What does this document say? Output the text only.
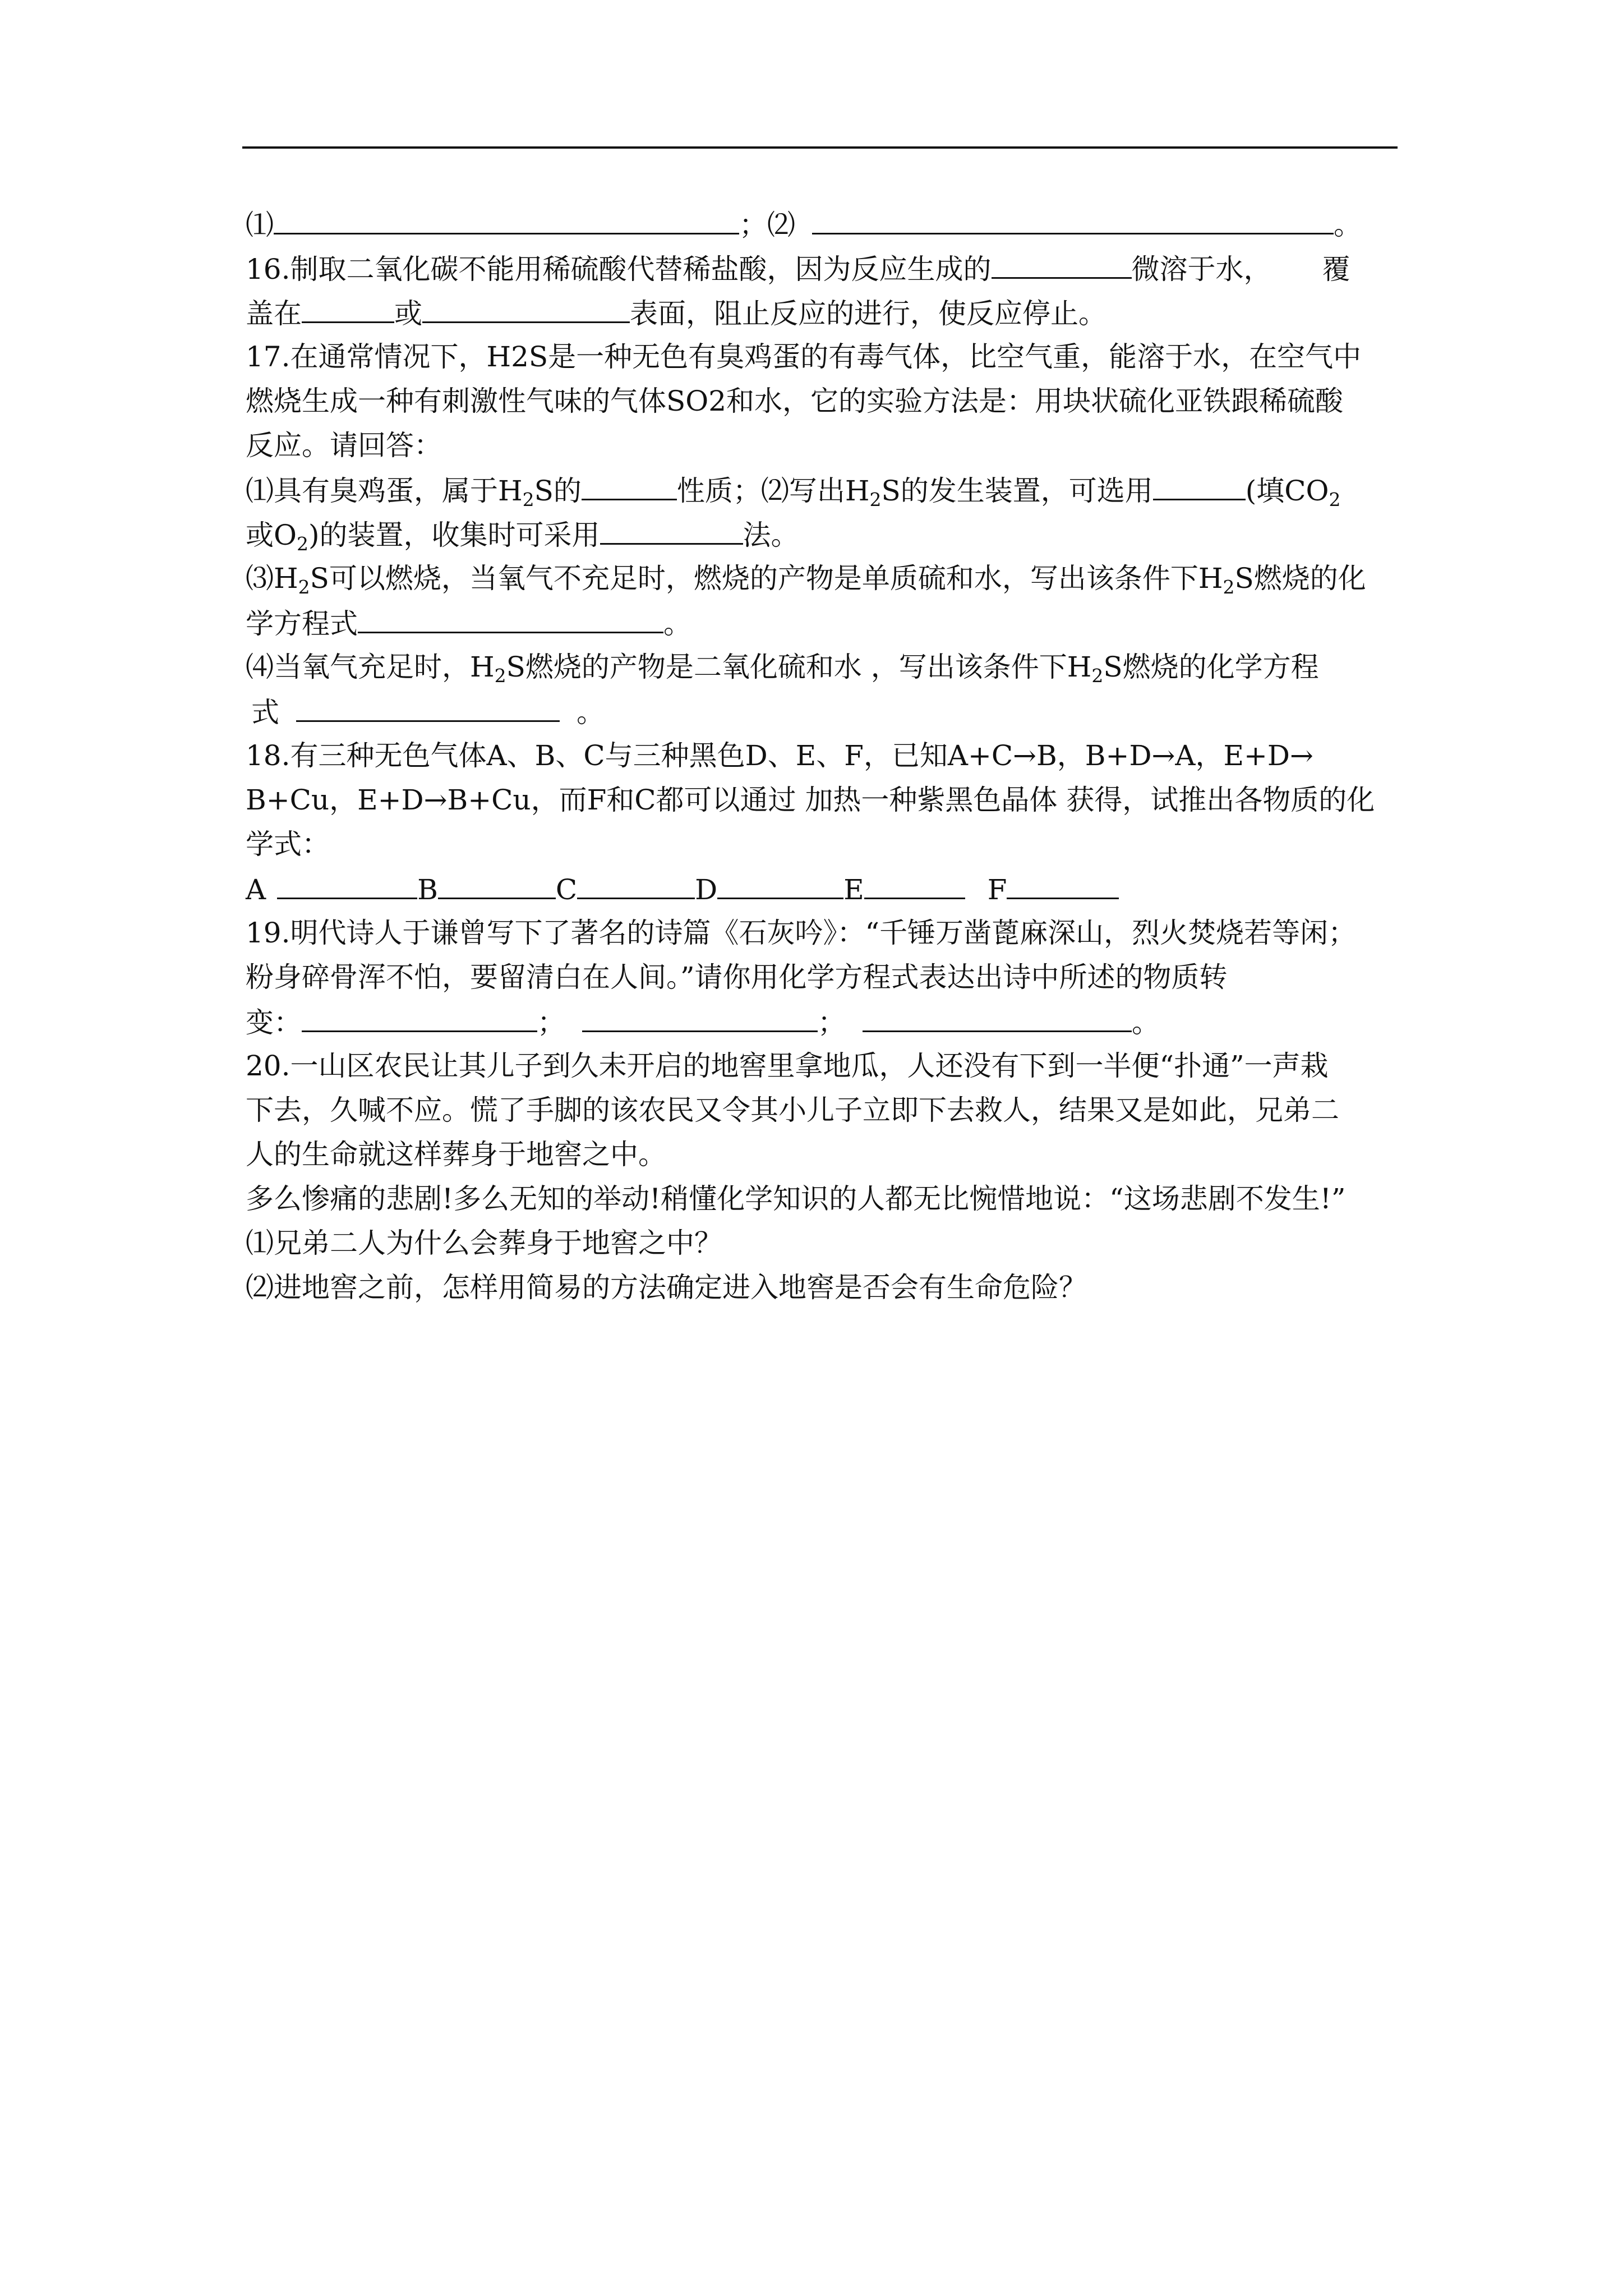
⑴	；⑵	。
16.制取二氧化碳不能用稀硫酸代替稀盐酸，因为反应生成的	微溶于水， 覆
盖在	或	表面，阻止反应的进行，使反应停止。
17.在通常情况下，H2S是一种无色有臭鸡蛋的有毒气体，比空气重，能溶于水，在空气中
燃烧生成一种有刺激性气味的气体SO2和水，它的实验方法是：用块状硫化亚铁跟稀硫酸
反应。请回答：
⑴具有臭鸡蛋，属于$H_2S$的	性质；⑵写出$H_2S$的发生装置，可选用	(填$CO_2$
或$O_2$)的装置，收集时可采用	法。
$⑶H_2S$可以燃烧，当氧气不充足时，燃烧的产物是单质硫和水，写出该条件下$H_2S$燃烧的化
学方程式	。
⑷当氧气充足时，$H_2S$燃烧的产物是二氧化硫和水 ，写出该条件下$H_2S$燃烧的化学方程
式	。
18.有三种无色气体A、B、C与三种黑色D、E、F，已知A+C→B，B+D→A，E+D→
B+Cu，E+D→B+Cu，而F和C都可以通过 加热一种紫黑色晶体 获得，试推出各物质的化
学式：
A	B	C	D	E	F
19.明代诗人于谦曾写下了著名的诗篇《石灰吟》：“千锤万凿蓖麻深山，烈火焚烧若等闲；
粉身碎骨浑不怕，要留清白在人间。”请你用化学方程式表达出诗中所述的物质转
变：	；	；	。
20.一山区农民让其儿子到久未开启的地窖里拿地瓜，人还没有下到一半便“扑通”一声栽
下去，久喊不应。慌了手脚的该农民又令其小儿子立即下去救人，结果又是如此，兄弟二
人的生命就这样葬身于地窖之中。
多么惨痛的悲剧!多么无知的举动!稍懂化学知识的人都无比惋惜地说：“这场悲剧不发生!”
⑴兄弟二人为什么会葬身于地窖之中？
⑵进地窖之前，怎样用简易的方法确定进入地窖是否会有生命危险？
